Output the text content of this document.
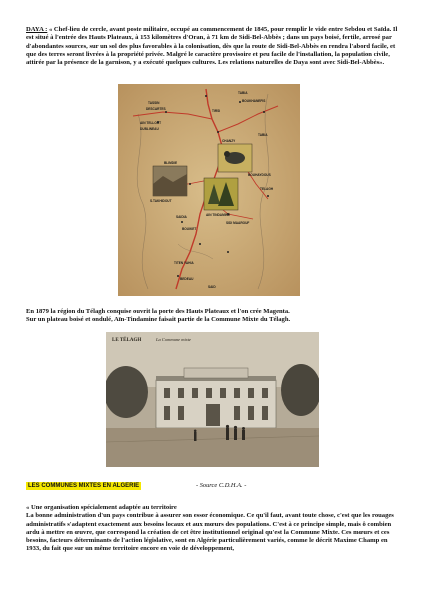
DAYA : « Chef-lieu de cercle, avant poste militaire, occupé au commencement de 1845, pour remplir le vide entre Sebdou et Saïda. Il est situé à l'entrée des Hauts Plateaux, à 153 kilomètres d'Oran, à 71 km de Sidi-Bel-Abbès ; dans un pays boisé, fertile, arrosé par d'abondantes sources, sur un sol des plus favorables à la colonisation, dès que la route de Sidi-Bel-Abbès en rendra l'abord facile, et que des terres seront livrées à la propriété privée. Malgré le caractère provisoire et peu facile de l'installation, la population civile, attirée par la présence de la garnison, y a exécuté quelques cultures. Les relations naturelles de Daya sont avec Sidi-Bel-Abbès».

TABIA
BOUKHANEFIS
TASSIN
DESCARTES	TIRSI
AIN TELLOUT
DUBLINEAU
CHANZY
TABIA
BOUHAYDOUS
TELAGH
BLIMDIE
S.TAKHIDOUT
SAIDIA	AIN TINDAMINE
BOUIKET
SIDI MAAROUF
TITEN YAHIA
BEDEAU
SAID

En 1879 la région du Télagh conquise ouvrit la porte des Hauts Plateaux et l'on crée Magenta.
Sur un plateau boisé et ondulé, Aïn-Tindamine faisait partie de la Commune Mixte du Télagh.

LE TÉLAGH	La Commune mixte
LES COMMUNES MIXTES EN ALGERIE	- Source C.D.H.A. -

« Une organisation spécialement adaptée au territoire
La bonne administration d'un pays contribue à assurer son essor économique. Ce qu'il faut, avant toute chose, c'est que les rouages administratifs s'adaptent exactement aux besoins locaux et aux mœurs des populations. C'est à ce principe simple, mais ô combien ardu à mettre en œuvre, que correspond la création de cet être institutionnel original qu'est la Commune Mixte. Ces mœurs et ces besoins, facteurs déterminants de l'action législative, sont en Algérie particulièrement variés, comme le décrit Maxime Champ en 1933, du fait que sur un même territoire encore en voie de développement,
